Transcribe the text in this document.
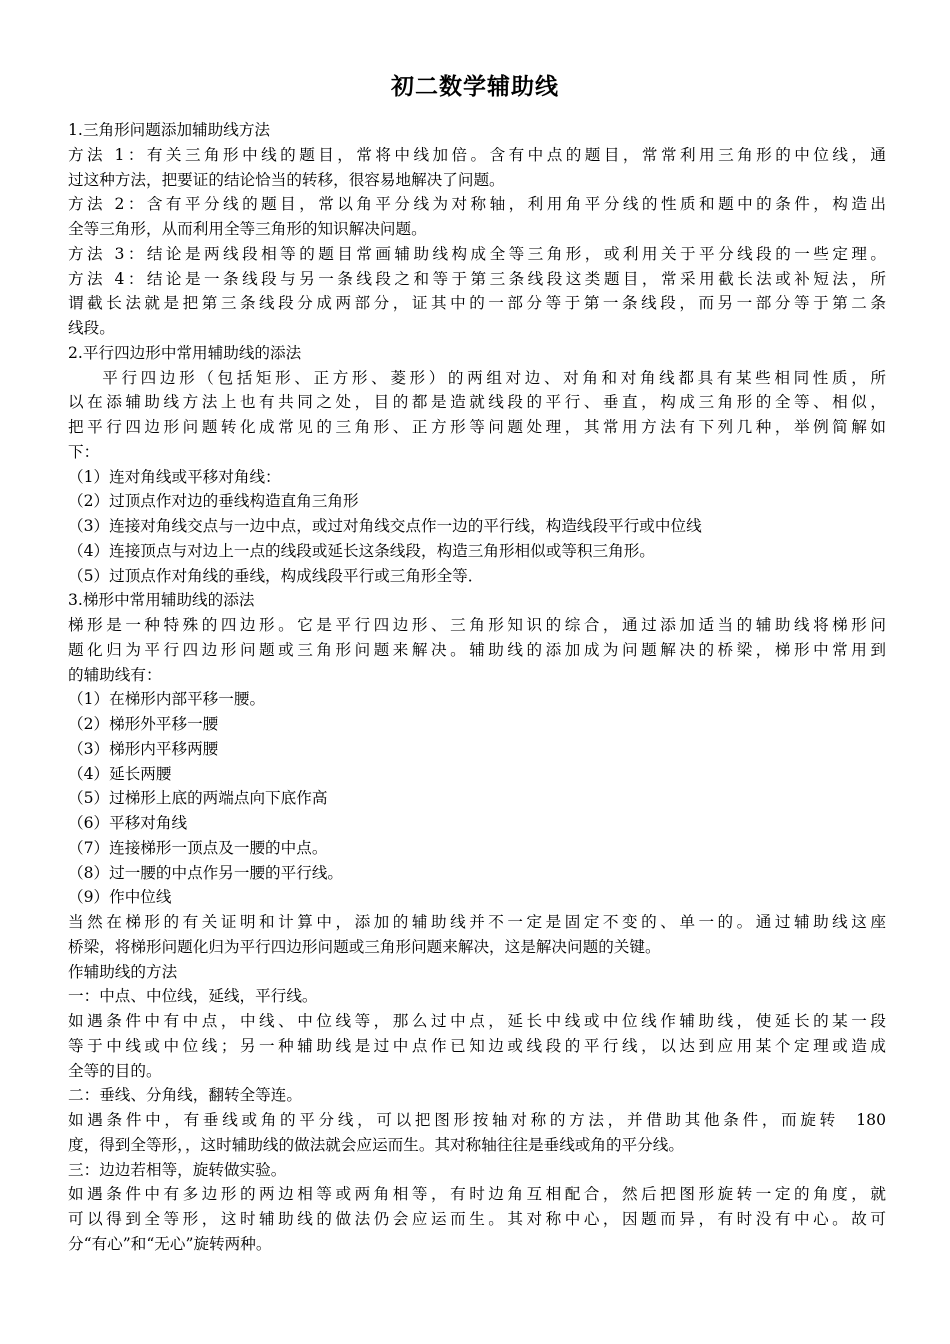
初二数学辅助线
1.三角形问题添加辅助线方法
方法 1：有关三角形中线的题目，常将中线加倍。含有中点的题目，常常利用三角形的中位线，通
过这种方法，把要证的结论恰当的转移，很容易地解决了问题。
方法 2：含有平分线的题目，常以角平分线为对称轴，利用角平分线的性质和题中的条件，构造出
全等三角形，从而利用全等三角形的知识解决问题。
方法 3：结论是两线段相等的题目常画辅助线构成全等三角形，或利用关于平分线段的一些定理。
方法 4：结论是一条线段与另一条线段之和等于第三条线段这类题目，常采用截长法或补短法，所
谓截长法就是把第三条线段分成两部分，证其中的一部分等于第一条线段，而另一部分等于第二条
线段。
2.平行四边形中常用辅助线的添法
平行四边形（包括矩形、正方形、菱形）的两组对边、对角和对角线都具有某些相同性质，所
以在添辅助线方法上也有共同之处，目的都是造就线段的平行、垂直，构成三角形的全等、相似，
把平行四边形问题转化成常见的三角形、正方形等问题处理，其常用方法有下列几种，举例简解如
下：
（1）连对角线或平移对角线：
（2）过顶点作对边的垂线构造直角三角形
（3）连接对角线交点与一边中点，或过对角线交点作一边的平行线，构造线段平行或中位线
（4）连接顶点与对边上一点的线段或延长这条线段，构造三角形相似或等积三角形。
（5）过顶点作对角线的垂线，构成线段平行或三角形全等．
3.梯形中常用辅助线的添法
梯形是一种特殊的四边形。它是平行四边形、三角形知识的综合，通过添加适当的辅助线将梯形问
题化归为平行四边形问题或三角形问题来解决。辅助线的添加成为问题解决的桥梁，梯形中常用到
的辅助线有：
（1）在梯形内部平移一腰。
（2）梯形外平移一腰
（3）梯形内平移两腰
（4）延长两腰
（5）过梯形上底的两端点向下底作高
（6）平移对角线
（7）连接梯形一顶点及一腰的中点。
（8）过一腰的中点作另一腰的平行线。
（9）作中位线
当然在梯形的有关证明和计算中，添加的辅助线并不一定是固定不变的、单一的。通过辅助线这座
桥梁，将梯形问题化归为平行四边形问题或三角形问题来解决，这是解决问题的关键。
作辅助线的方法
一：中点、中位线，延线，平行线。
如遇条件中有中点，中线、中位线等，那么过中点，延长中线或中位线作辅助线，使延长的某一段
等于中线或中位线；另一种辅助线是过中点作已知边或线段的平行线，以达到应用某个定理或造成
全等的目的。
二：垂线、分角线，翻转全等连。
如遇条件中，有垂线或角的平分线，可以把图形按轴对称的方法，并借助其他条件，而旋转  180
度，得到全等形，，这时辅助线的做法就会应运而生。其对称轴往往是垂线或角的平分线。
三：边边若相等，旋转做实验。
如遇条件中有多边形的两边相等或两角相等，有时边角互相配合，然后把图形旋转一定的角度，就
可以得到全等形，这时辅助线的做法仍会应运而生。其对称中心，因题而异，有时没有中心。故可
分“有心”和“无心”旋转两种。
